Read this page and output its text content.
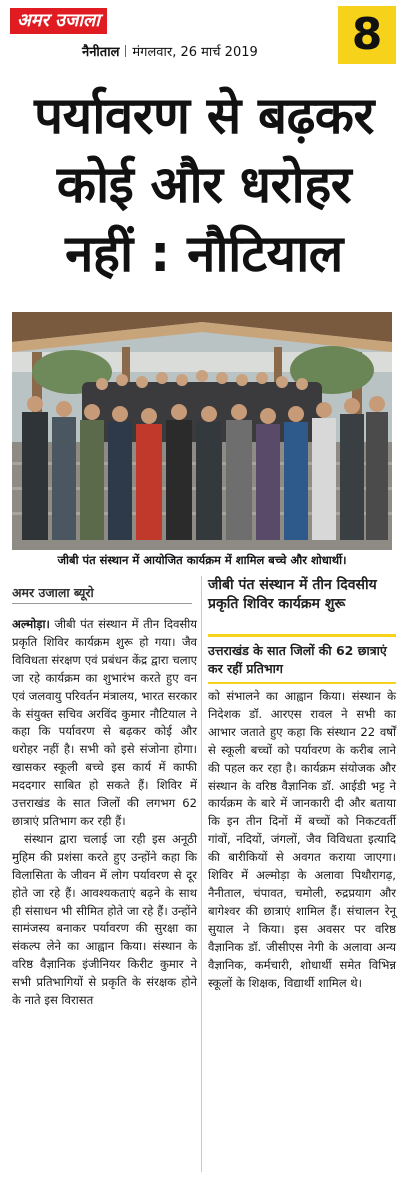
अमर उजाला
नैनीताल मंगलवार, 26 मार्च 2019	8
पर्यावरण से बढ़कर
कोई और धरोहर
नहीं : नौटियाल
जीबी पंत संस्थान में आयोजित कार्यक्रम में शामिल बच्चे और शोधार्थी।
अमर उजाला ब्यूरो	जीबी पंत संस्थान में तीन दिवसीय प्रकृति शिविर कार्यक्रम शुरू
उत्तराखंड के सात जिलों की 62 छात्राएं कर रहीं प्रतिभाग

अल्मोड़ा। जीबी पंत संस्थान में तीन दिवसीय प्रकृति शिविर कार्यक्रम शुरू हो गया। जैव विविधता संरक्षण एवं प्रबंधन केंद्र द्वारा चलाए जा रहे कार्यक्रम का शुभारंभ करते हुए वन एवं जलवायु परिवर्तन मंत्रालय, भारत सरकार के संयुक्त सचिव अरविंद कुमार नौटियाल ने कहा कि पर्यावरण से बढ़कर कोई और धरोहर नहीं है। सभी को इसे संजोना होगा। खासकर स्कूली बच्चे इस कार्य में काफी मददगार साबित हो सकते हैं। शिविर में उत्तराखंड के सात जिलों की लगभग 62 छात्राएं प्रतिभाग कर रही हैं।

संस्थान द्वारा चलाई जा रही इस अनूठी मुहिम की प्रशंसा करते हुए उन्होंने कहा कि विलासिता के जीवन में लोग पर्यावरण से दूर होते जा रहे हैं। आवश्यकताएं बढ़ने के साथ ही संसाधन भी सीमित होते जा रहे हैं। उन्होंने सामंजस्य बनाकर पर्यावरण की सुरक्षा का संकल्प लेने का आह्वान किया। संस्थान के वरिष्ठ वैज्ञानिक इंजीनियर किरीट कुमार ने सभी प्रतिभागियों से प्रकृति के संरक्षक होने के नाते इस विरासत

को संभालने का आह्वान किया। संस्थान के निदेशक डॉ. आरएस रावल ने सभी का आभार जताते हुए कहा कि संस्थान 22 वर्षों से स्कूली बच्चों को पर्यावरण के करीब लाने की पहल कर रहा है। कार्यक्रम संयोजक और संस्थान के वरिष्ठ वैज्ञानिक डॉ. आईडी भट्ट ने कार्यक्रम के बारे में जानकारी दी और बताया कि इन तीन दिनों में बच्चों को निकटवर्ती गांवों, नदियों, जंगलों, जैव विविधता इत्यादि की बारीकियों से अवगत कराया जाएगा। शिविर में अल्मोड़ा के अलावा पिथौरागढ़, नैनीताल, चंपावत, चमोली, रुद्रप्रयाग और बागेश्वर की छात्राएं शामिल हैं। संचालन रेनू सुयाल ने किया। इस अवसर पर वरिष्ठ वैज्ञानिक डॉ. जीसीएस नेगी के अलावा अन्य वैज्ञानिक, कर्मचारी, शोधार्थी समेत विभिन्न स्कूलों के शिक्षक, विद्यार्थी शामिल थे।
